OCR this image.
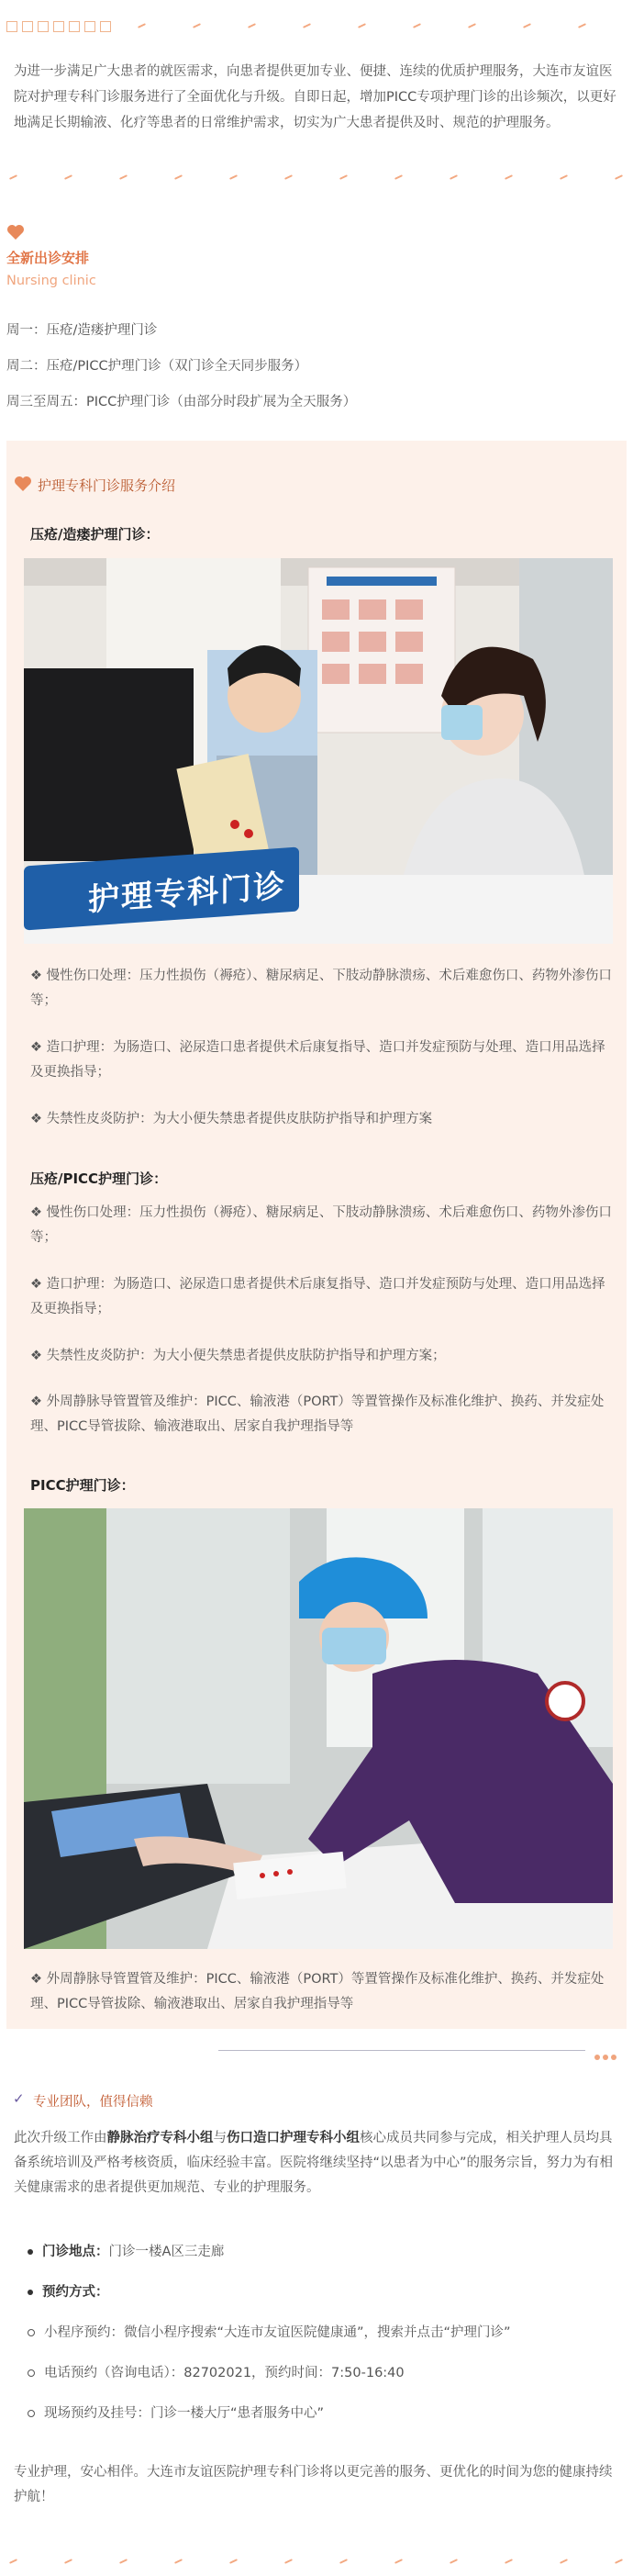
为进一步满足广大患者的就医需求，向患者提供更加专业、便捷、连续的优质护理服务，大连市友谊医院对护理专科门诊服务进行了全面优化与升级。自即日起，增加PICC专项护理门诊的出诊频次，以更好地满足长期输液、化疗等患者的日常维护需求，切实为广大患者提供及时、规范的护理服务。
全新出诊安排
Nursing clinic
周一：压疮/造瘘护理门诊
周二：压疮/PICC护理门诊（双门诊全天同步服务）
周三至周五：PICC护理门诊（由部分时段扩展为全天服务）
护理专科门诊服务介绍
压疮/造瘘护理门诊：
护理专科门诊
❖ 慢性伤口处理：压力性损伤（褥疮）、糖尿病足、下肢动静脉溃疡、术后难愈伤口、药物外渗伤口等；
❖ 造口护理：为肠造口、泌尿造口患者提供术后康复指导、造口并发症预防与处理、造口用品选择及更换指导；
❖ 失禁性皮炎防护：为大小便失禁患者提供皮肤防护指导和护理方案
压疮/PICC护理门诊：
❖ 慢性伤口处理：压力性损伤（褥疮）、糖尿病足、下肢动静脉溃疡、术后难愈伤口、药物外渗伤口等；
❖ 造口护理：为肠造口、泌尿造口患者提供术后康复指导、造口并发症预防与处理、造口用品选择及更换指导；
❖ 失禁性皮炎防护：为大小便失禁患者提供皮肤防护指导和护理方案；
❖ 外周静脉导管置管及维护：PICC、输液港（PORT）等置管操作及标准化维护、换药、并发症处理、PICC导管拔除、输液港取出、居家自我护理指导等
PICC护理门诊：
❖ 外周静脉导管置管及维护：PICC、输液港（PORT）等置管操作及标准化维护、换药、并发症处理、PICC导管拔除、输液港取出、居家自我护理指导等
✓ 专业团队，值得信赖
此次升级工作由静脉治疗专科小组与伤口造口护理专科小组核心成员共同参与完成，相关护理人员均具备系统培训及严格考核资质，临床经验丰富。医院将继续坚持“以患者为中心”的服务宗旨，努力为有相关健康需求的患者提供更加规范、专业的护理服务。
门诊地点：门诊一楼A区三走廊
预约方式：
小程序预约：微信小程序搜索“大连市友谊医院健康通”，搜索并点击“护理门诊”
电话预约（咨询电话）：82702021，预约时间：7:50-16:40
现场预约及挂号：门诊一楼大厅“患者服务中心”
专业护理，安心相伴。大连市友谊医院护理专科门诊将以更完善的服务、更优化的时间为您的健康持续护航！
